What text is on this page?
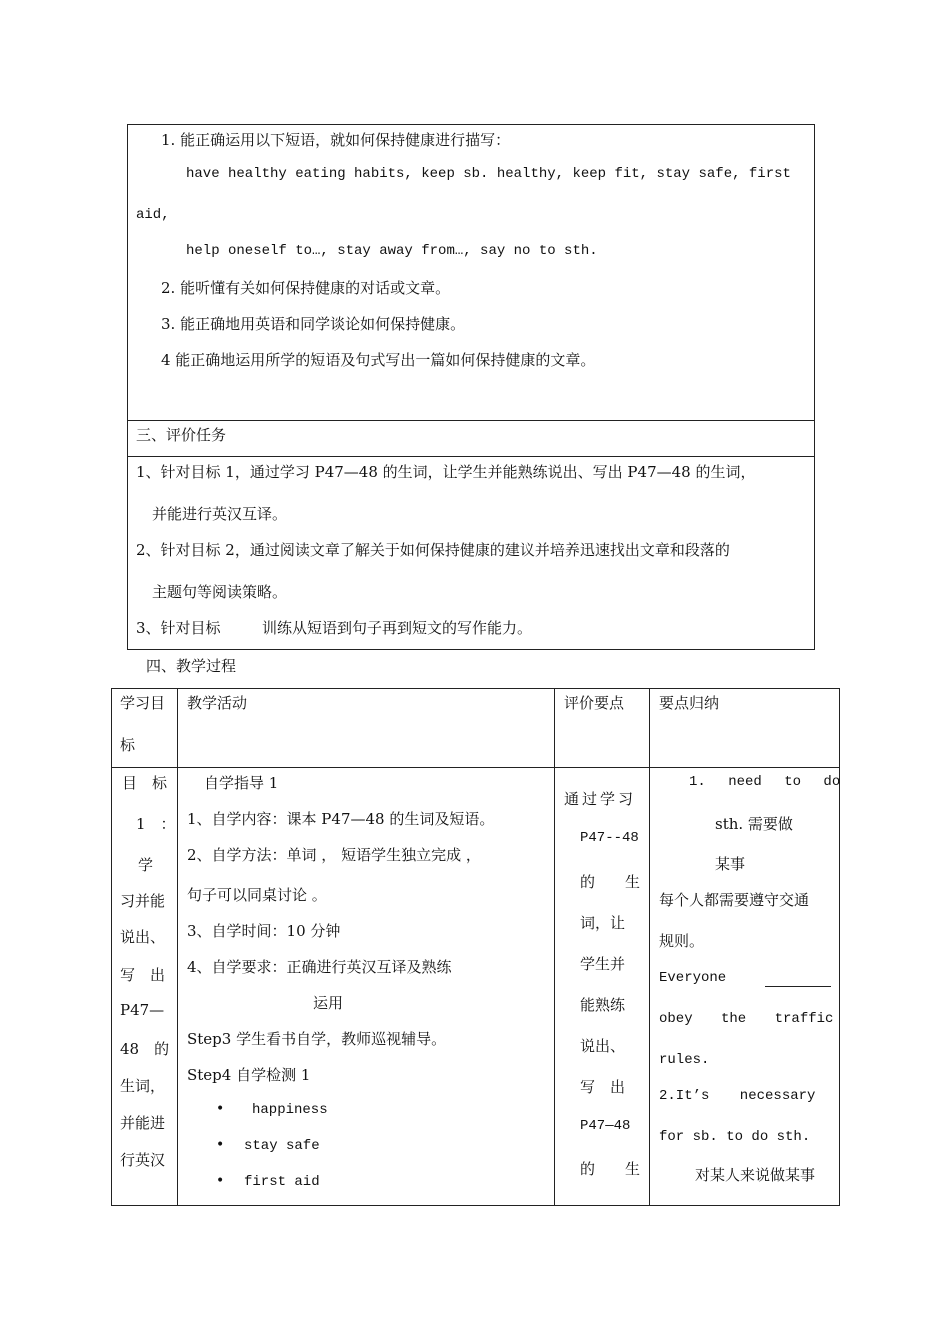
1. 能正确运用以下短语，就如何保持健康进行描写：
have healthy eating habits, keep sb. healthy, keep fit, stay safe, first
aid,
help oneself to…, stay away from…, say no to sth.
2. 能听懂有关如何保持健康的对话或文章。
3. 能正确地用英语和同学谈论如何保持健康。
4 能正确地运用所学的短语及句式写出一篇如何保持健康的文章。
三、评价任务
1、针对目标 1，通过学习 P47—48 的生词，让学生并能熟练说出、写出 P47—48 的生词，
并能进行英汉互译。
2、针对目标 2，通过阅读文章了解关于如何保持健康的建议并培养迅速找出文章和段落的
主题句等阅读策略。
3、针对目标	训练从短语到句子再到短文的写作能力。
四、教学过程
学习目
标
教学活动	评价要点 要点归纳
目　标
1　：
学
习并能
说出、
写　出
P47—
48　的
生词，
并能进
行英汉
自学指导 1
1、自学内容：课本 P47—48 的生词及短语。
2、自学方法：单词 ， 短语学生独立完成 ，
句子可以同桌讨论 。
3、自学时间：10 分钟
4、自学要求：正确进行英汉互译及熟练
运用
Step3 学生看书自学，教师巡视辅导。
Step4 自学检测 1
• happiness
• stay safe
• first aid
通过学习
P47--48
的　　生
词，让
学生并
能熟练
说出、
写　出
P47—48
的　　生
1. need to do
sth. 需要做
某事
每个人都需要遵守交通
规则。
Everyone
obey the traffic
rules.
2.It’s necessary
for sb. to do sth.
对某人来说做某事
